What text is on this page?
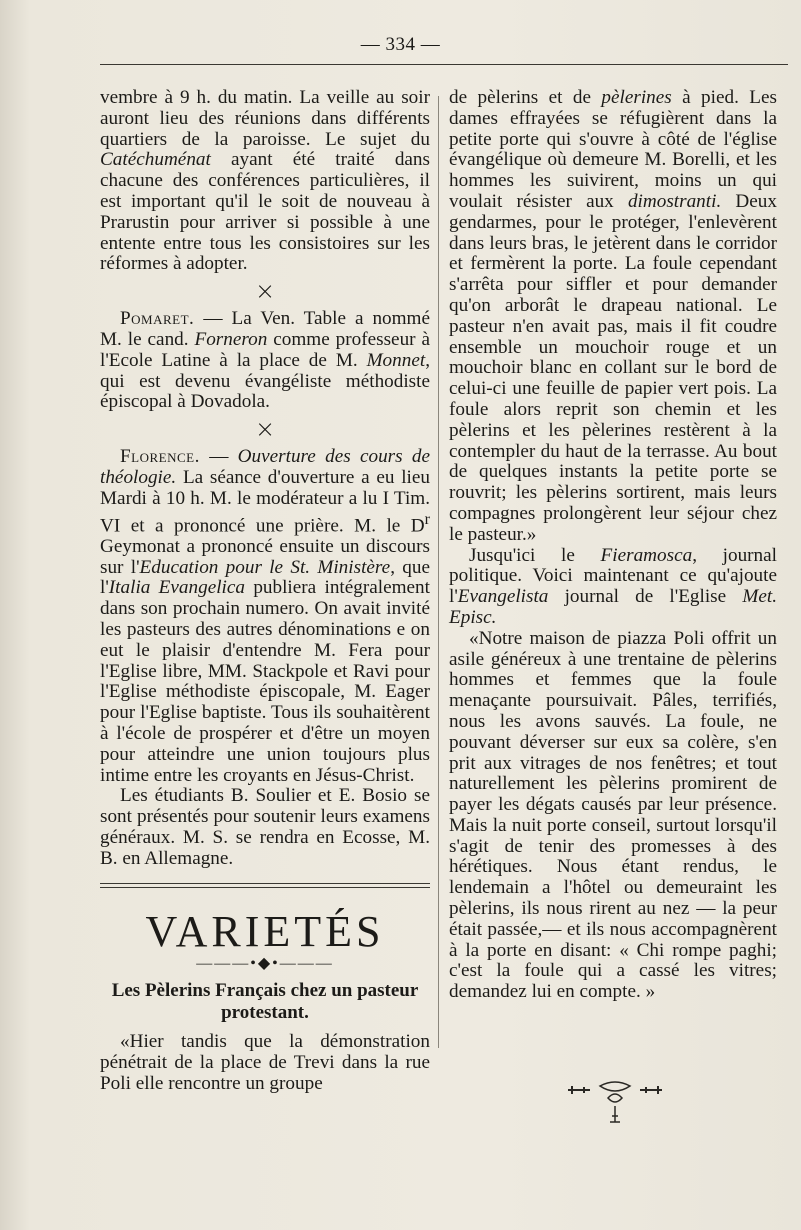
— 334 —

vembre à 9 h. du matin. La veille au soir auront lieu des réunions dans différents quartiers de la paroisse. Le sujet du Catéchuménat ayant été traité dans chacune des conférences particulières, il est important qu'il le soit de nouveau à Prarustin pour arriver si possible à une entente entre tous les consistoires sur les réformes à adopter.

×

Pomaret. — La Ven. Table a nommé M. le cand. Forneron comme professeur à l'Ecole Latine à la place de M. Monnet, qui est devenu évangéliste méthodiste épiscopal à Dovadola.

×

Florence. — Ouverture des cours de théologie. La séance d'ouverture a eu lieu Mardi à 10 h. M. le modérateur a lu I Tim. VI et a prononcé une prière. M. le $D^r$ Geymonat a prononcé ensuite un discours sur l'Education pour le St. Ministère, que l'Italia Evangelica publiera intégralement dans son prochain numero. On avait invité les pasteurs des autres dénominations e on eut le plaisir d'entendre M. Fera pour l'Eglise libre, MM. Stackpole et Ravi pour l'Eglise méthodiste épiscopale, M. Eager pour l'Eglise baptiste. Tous ils souhaitèrent à l'école de prospérer et d'être un moyen pour atteindre une union toujours plus intime entre les croyants en Jésus-Christ.

Les étudiants B. Soulier et E. Bosio se sont présentés pour soutenir leurs examens généraux. M. S. se rendra en Ecosse, M. B. en Allemagne.

VARIETÉS
———•◆•———
Les Pèlerins Français chez un pasteur protestant.

«Hier tandis que la démonstration pénétrait de la place de Trevi dans la rue Poli elle rencontre un groupe

de pèlerins et de pèlerines à pied. Les dames effrayées se réfugièrent dans la petite porte qui s'ouvre à côté de l'église évangélique où demeure M. Borelli, et les hommes les suivirent, moins un qui voulait résister aux dimostranti. Deux gendarmes, pour le protéger, l'enlevèrent dans leurs bras, le jetèrent dans le corridor et fermèrent la porte. La foule cependant s'arrêta pour siffler et pour demander qu'on arborât le drapeau national. Le pasteur n'en avait pas, mais il fit coudre ensemble un mouchoir rouge et un mouchoir blanc en collant sur le bord de celui-ci une feuille de papier vert pois. La foule alors reprit son chemin et les pèlerins et les pèlerines restèrent à la contempler du haut de la terrasse. Au bout de quelques instants la petite porte se rouvrit; les pèlerins sortirent, mais leurs compagnes prolongèrent leur séjour chez le pasteur.»

Jusqu'ici le Fieramosca, journal politique. Voici maintenant ce qu'ajoute l'Evangelista journal de l'Eglise Met. Episc.

«Notre maison de piazza Poli offrit un asile généreux à une trentaine de pèlerins hommes et femmes que la foule menaçante poursuivait. Pâles, terrifiés, nous les avons sauvés. La foule, ne pouvant déverser sur eux sa colère, s'en prit aux vitrages de nos fenêtres; et tout naturellement les pèlerins promirent de payer les dégats causés par leur présence. Mais la nuit porte conseil, surtout lorsqu'il s'agit de tenir des promesses à des hérétiques. Nous étant rendus, le lendemain a l'hôtel ou demeuraint les pèlerins, ils nous rirent au nez — la peur était passée,— et ils nous accompagnèrent à la porte en disant: « Chi rompe paghi; c'est la foule qui a cassé les vitres; demandez lui en compte. »
